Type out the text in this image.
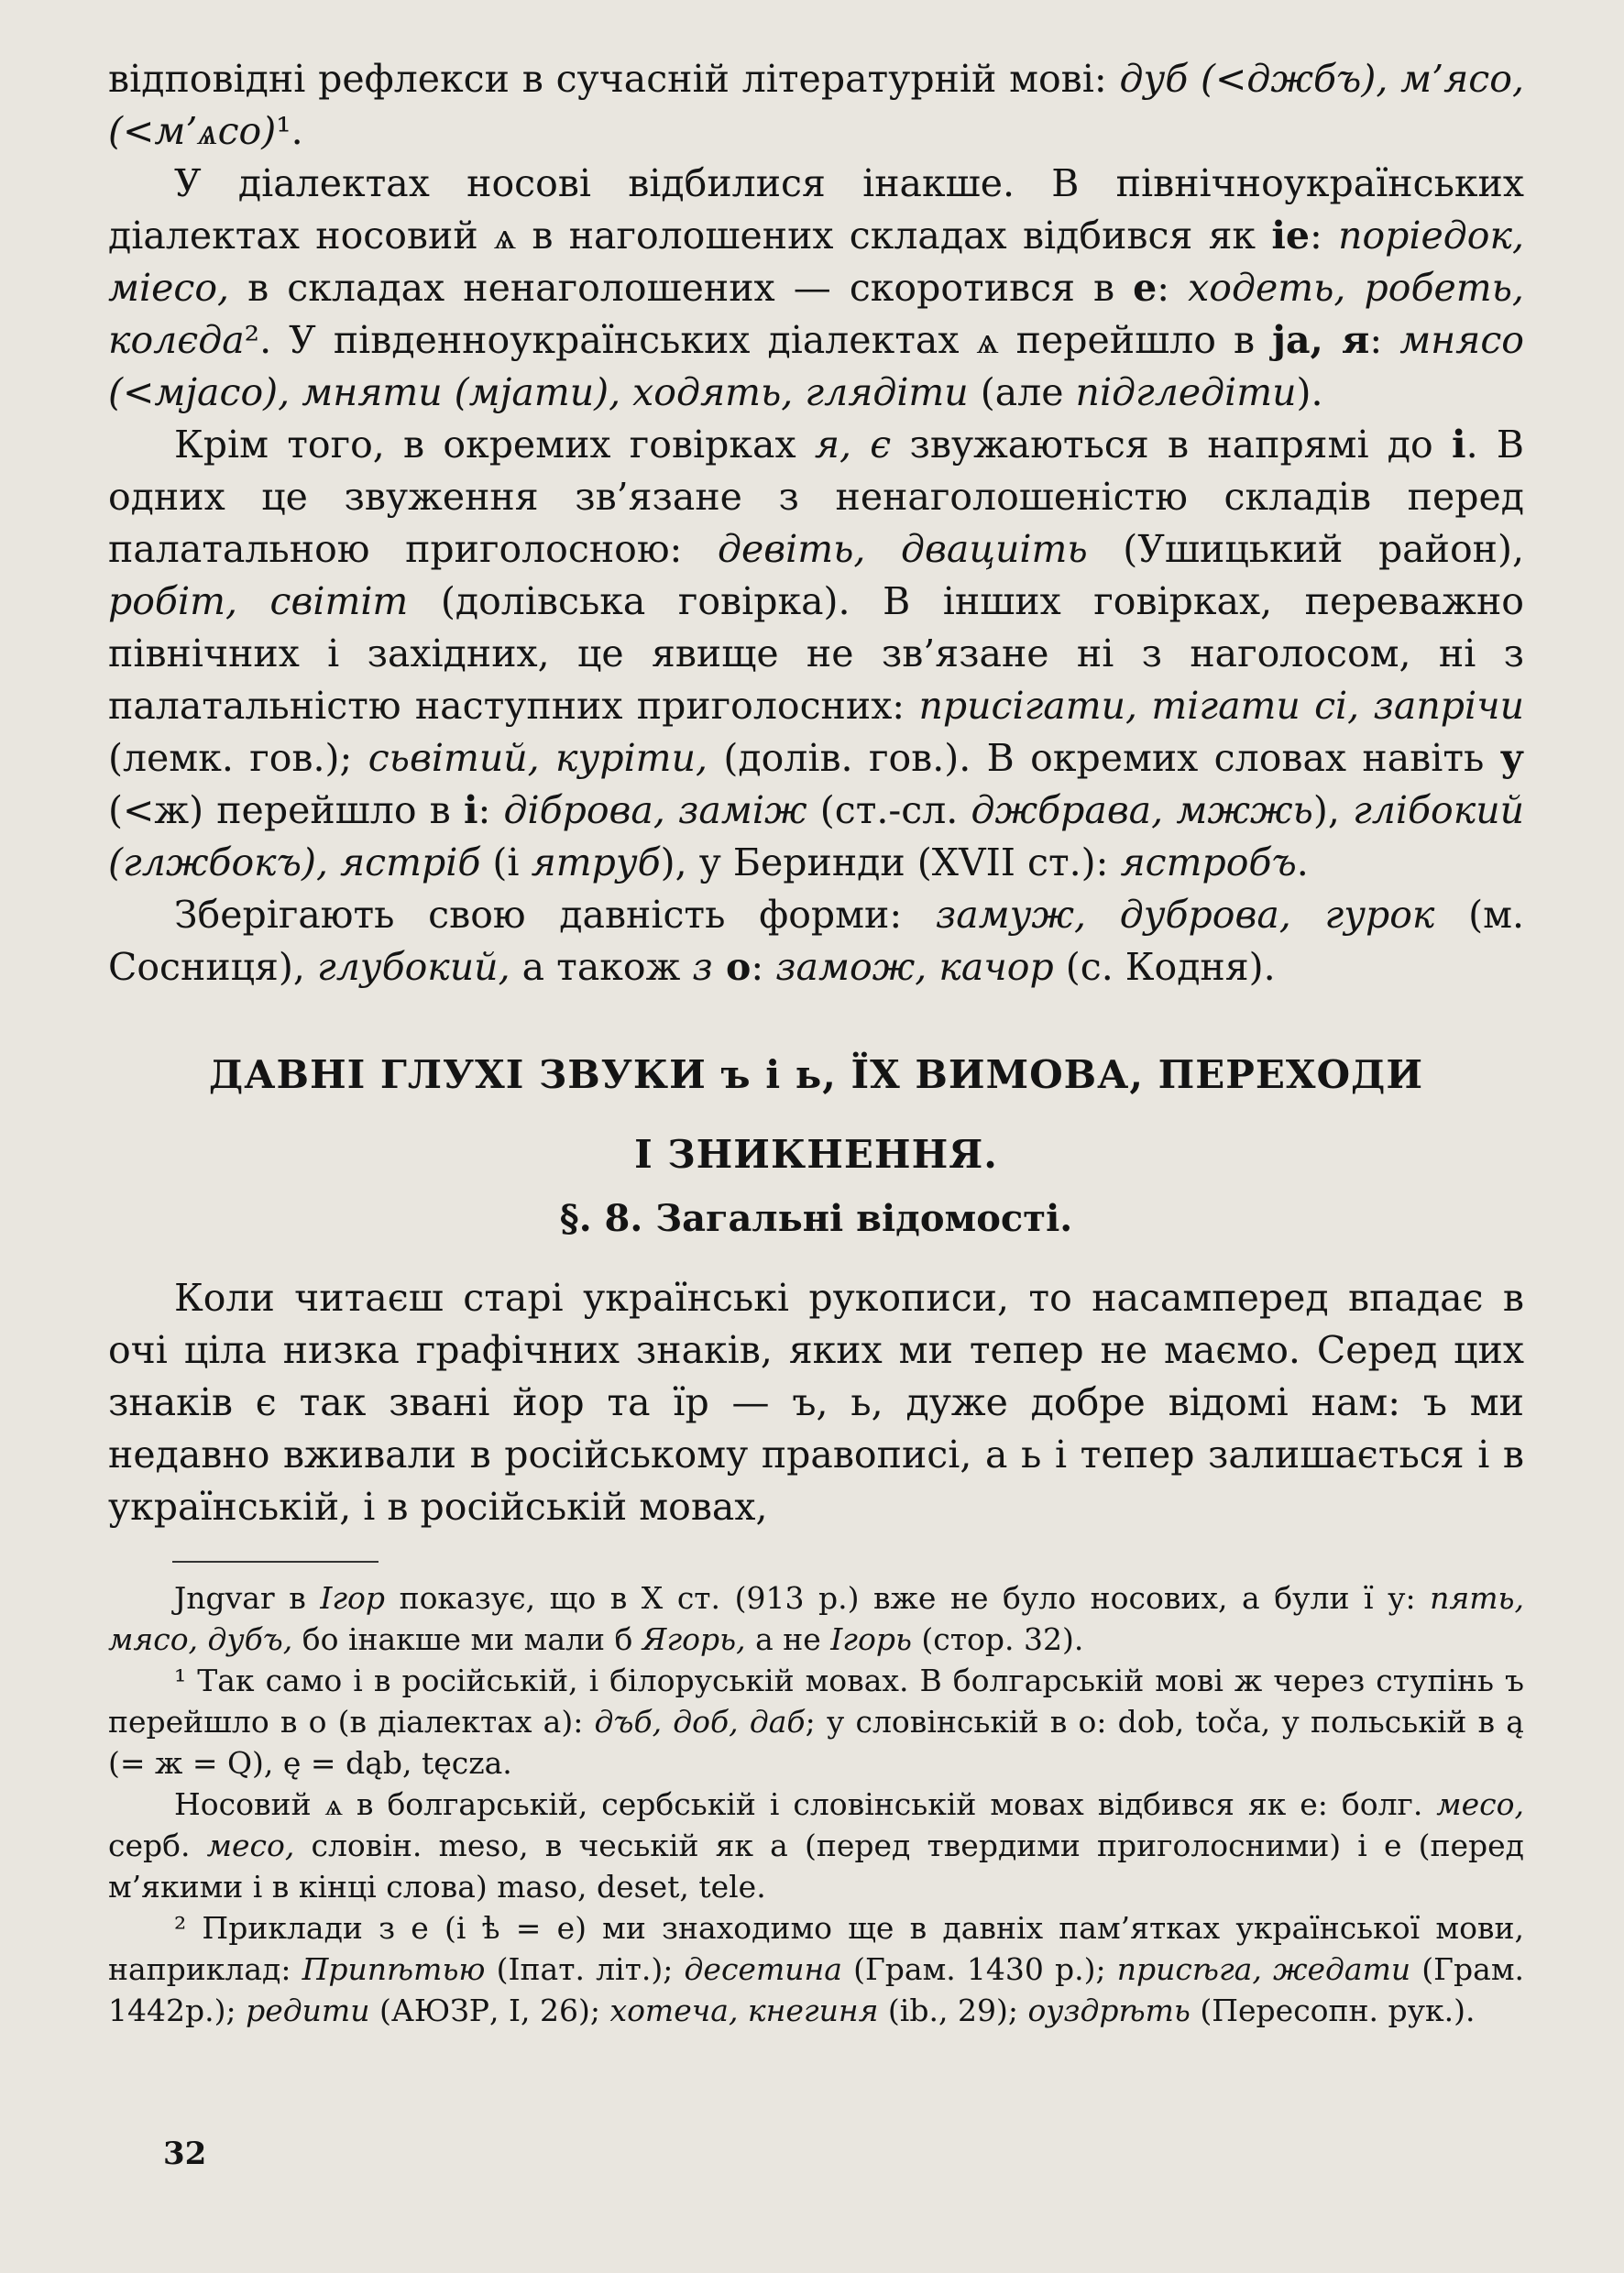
відповідні рефлекси в сучасній літературній мові: дуб (<джбъ), м’ясо, (<м’ѧсо)¹.

У діалектах носові відбилися інакше. В північноукраїнських діалектах носовий ѧ в наголошених складах відбився як іе: поріедок, міесо, в складах ненаголошених — скоротився в е: ходеть, робеть, колєда². У південноукраїнських діалектах ѧ перейшло в ја, я: мнясо (<мјасо), мняти (мјати), ходять, глядіти (але підгледіти).

Крім того, в окремих говірках я, є звужаються в напрямі до і. В одних це звуження зв’язане з ненаголошеністю складів перед палатальною приголосною: девіть, двациіть (Ушицький район), робіт, світіт (долівська говірка). В інших говірках, переважно північних і західних, це явище не зв’язане ні з наголосом, ні з палатальністю наступних приголосних: присігати, тігати сі, запрічи (лемк. гов.); сьвітий, куріти, (долів. гов.). В окремих словах навіть у (<ж) перейшло в і: діброва, заміж (ст.-сл. джбрава, мжжь), глібокий (глжбокъ), ястріб (і ятруб), у Беринди (XVII ст.): ястробъ.

Зберігають свою давність форми: замуж, дуброва, гурок (м. Сосниця), глубокий, а також з о: замож, качор (с. Кодня).

ДАВНІ ГЛУХІ ЗВУКИ ъ і ь, ЇХ ВИМОВА, ПЕРЕХОДИ
І ЗНИКНЕННЯ.
§. 8. Загальні відомості.

Коли читаєш старі українські рукописи, то насамперед впадає в очі ціла низка графічних знаків, яких ми тепер не маємо. Серед цих знаків є так звані йор та їр — ъ, ь, дуже добре відомі нам: ъ ми недавно вживали в російському правописі, а ь і тепер залишається і в українській, і в російській мовах,

Jngvar в Ігор показує, що в X ст. (913 р.) вже не було носових, а були ї у: пять, мясо, дубъ, бо інакше ми мали б Ягорь, а не Ігорь (стор. 32).

¹ Так само і в російській, і білоруській мовах. В болгарській мові ж через ступінь ъ перейшло в о (в діалектах а): дъб, доб, даб; у словінській в о: dob, toča, у польській в ą (= ж = Q), ę = dąb, tęcza.

Носовий ѧ в болгарській, сербській і словінській мовах відбився як е: болг. месо, серб. месо, словін. meso, в чеській як а (перед твердими приголосними) і е (перед м’якими і в кінці слова) maso, deset, tele.

² Приклади з е (і ѣ = е) ми знаходимо ще в давніх пам’ятках української мови, наприклад: Припѣтью (Іпат. літ.); десетина (Грам. 1430 р.); присѣга, жедати (Грам. 1442р.); редити (АЮЗР, І, 26); хотеча, кнегиня (ib., 29); оуздрѣть (Пересопн. рук.).

32
